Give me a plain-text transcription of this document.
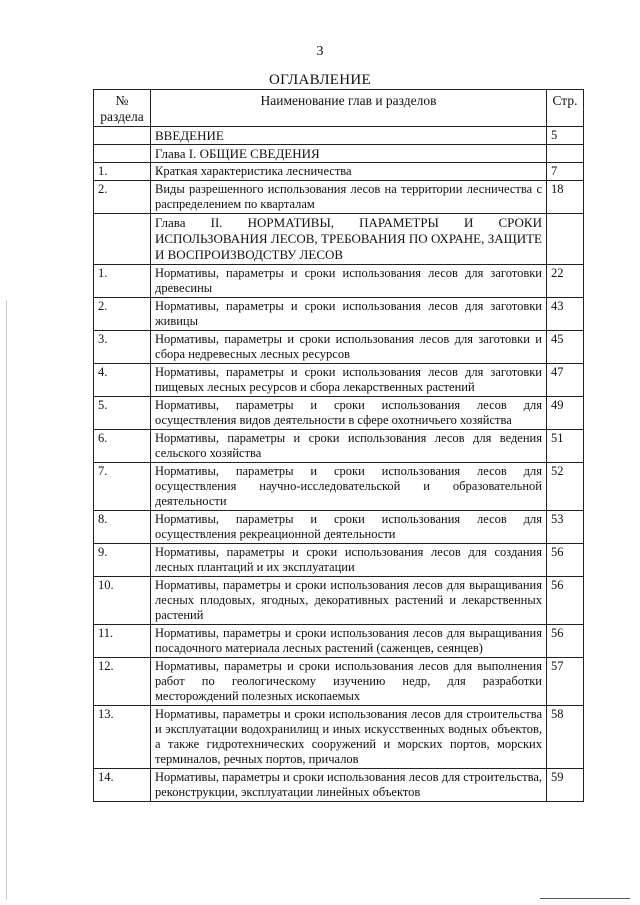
3
ОГЛАВЛЕНИЕ
№ раздела	Наименование глав и разделов	Стр.
	ВВЕДЕНИЕ	5
	Глава I. ОБЩИЕ СВЕДЕНИЯ	
1.	Краткая характеристика лесничества	7
2.	Виды разрешенного использования лесов на территории лесничества с распределением по кварталам	18
	Глава II. НОРМАТИВЫ, ПАРАМЕТРЫ И СРОКИ ИСПОЛЬЗОВАНИЯ ЛЕСОВ, ТРЕБОВАНИЯ ПО ОХРАНЕ, ЗАЩИТЕ И ВОСПРОИЗВОДСТВУ ЛЕСОВ	
1.	Нормативы, параметры и сроки использования лесов для заготовки древесины	22
2.	Нормативы, параметры и сроки использования лесов для заготовки живицы	43
3.	Нормативы, параметры и сроки использования лесов для заготовки и сбора недревесных лесных ресурсов	45
4.	Нормативы, параметры и сроки использования лесов для заготовки пищевых лесных ресурсов и сбора лекарственных растений	47
5.	Нормативы, параметры и сроки использования лесов для осуществления видов деятельности в сфере охотничьего хозяйства	49
6.	Нормативы, параметры и сроки использования лесов для ведения сельского хозяйства	51
7.	Нормативы, параметры и сроки использования лесов для осуществления научно-исследовательской и образовательной деятельности	52
8.	Нормативы, параметры и сроки использования лесов для осуществления рекреационной деятельности	53
9.	Нормативы, параметры и сроки использования лесов для создания лесных плантаций и их эксплуатации	56
10.	Нормативы, параметры и сроки использования лесов для выращивания лесных плодовых, ягодных, декоративных растений и лекарственных растений	56
11.	Нормативы, параметры и сроки использования лесов для выращивания посадочного материала лесных растений (саженцев, сеянцев)	56
12.	Нормативы, параметры и сроки использования лесов для выполнения работ по геологическому изучению недр, для разработки месторождений полезных ископаемых	57
13.	Нормативы, параметры и сроки использования лесов для строительства и эксплуатации водохранилищ и иных искусственных водных объектов, а также гидротехнических сооружений и морских портов, морских терминалов, речных портов, причалов	58
14.	Нормативы, параметры и сроки использования лесов для строительства, реконструкции, эксплуатации линейных объектов	59
